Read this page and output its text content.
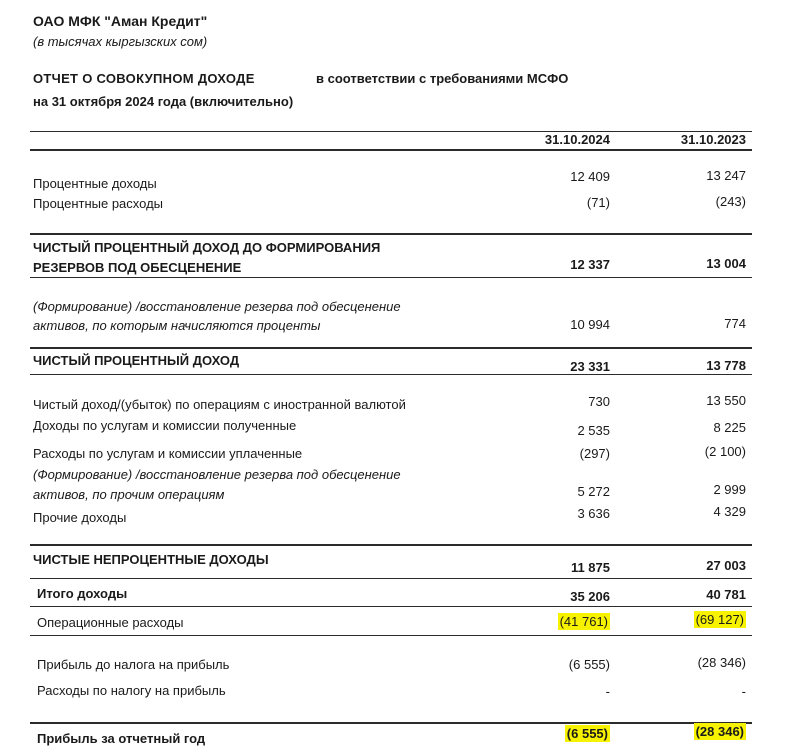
ОАО МФК "Аман Кредит"
(в тысячах кыргызских сом)
ОТЧЕТ О СОВОКУПНОМ ДОХОДЕ	в соответствии с требованиями МСФО
на 31 октября 2024 года (включительно)
31.10.2024	31.10.2023
Процентные доходы	12 409	13 247
Процентные расходы	(71)	(243)
ЧИСТЫЙ ПРОЦЕНТНЫЙ ДОХОД ДО ФОРМИРОВАНИЯ
РЕЗЕРВОВ ПОД ОБЕСЦЕНЕНИЕ	12 337	13 004
(Формирование) /восстановление резерва под обесценение
активов, по которым начисляются проценты	10 994	774
ЧИСТЫЙ ПРОЦЕНТНЫЙ ДОХОД	23 331	13 778
Чистый доход/(убыток) по операциям с иностранной валютой	730	13 550
Доходы по услугам и комиссии полученные	2 535	8 225
Расходы по услугам и комиссии уплаченные	(297)	(2 100)
(Формирование) /восстановление резерва под обесценение
активов, по прочим операциям	5 272	2 999
Прочие доходы	3 636	4 329
ЧИСТЫЕ НЕПРОЦЕНТНЫЕ ДОХОДЫ
11 875	27 003
Итого доходы	35 206	40 781
Операционные расходы	(41 761)	(69 127)
Прибыль до налога на прибыль	(6 555)	(28 346)
Расходы по налогу на прибыль	-	-
Прибыль за отчетный год	(6 555)	(28 346)
